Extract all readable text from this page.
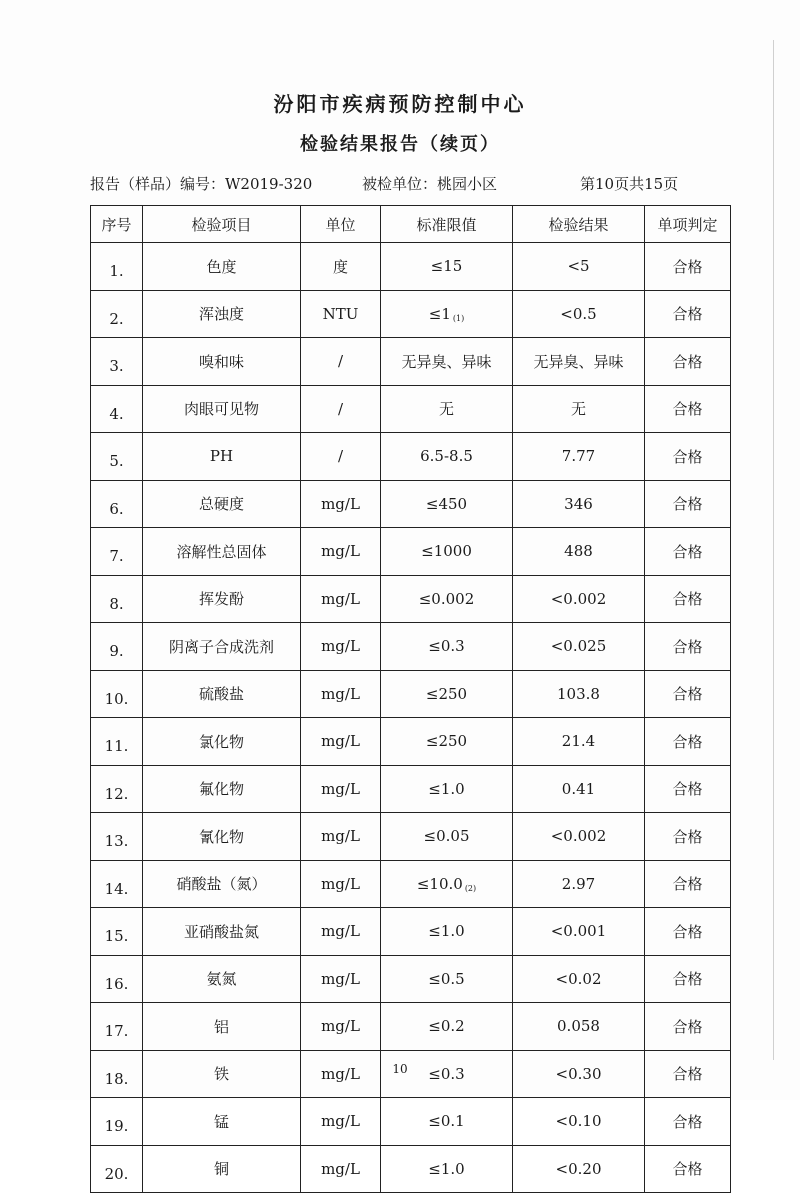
汾阳市疾病预防控制中心
检验结果报告（续页）
报告（样品）编号：W2019-320	被检单位：桃园小区	第10页共15页
序号	检验项目	单位	标准限值	检验结果	单项判定
1.	色度	度	≤15	<5	合格
2.	浑浊度	NTU	≤1 $_{(1)}$	<0.5	合格
3.	嗅和味	/	无异臭、异味	无异臭、异味	合格
4.	肉眼可见物	/	无	无	合格
5.	PH	/	6.5-8.5	7.77	合格
6.	总硬度	mg/L	≤450	346	合格
7.	溶解性总固体	mg/L	≤1000	488	合格
8.	挥发酚	mg/L	≤0.002	<0.002	合格
9.	阴离子合成洗剂	mg/L	≤0.3	<0.025	合格
10.	硫酸盐	mg/L	≤250	103.8	合格
11.	氯化物	mg/L	≤250	21.4	合格
12.	氟化物	mg/L	≤1.0	0.41	合格
13.	氰化物	mg/L	≤0.05	<0.002	合格
14.	硝酸盐（氮）	mg/L	≤10.0 $_{(2)}$	2.97	合格
15.	亚硝酸盐氮	mg/L	≤1.0	<0.001	合格
16.	氨氮	mg/L	≤0.5	<0.02	合格
17.	铝	mg/L	≤0.2	0.058	合格
18.	铁	mg/L	≤0.3	<0.30	合格
19.	锰	mg/L	≤0.1	<0.10	合格
20.	铜	mg/L	≤1.0	<0.20	合格
10
